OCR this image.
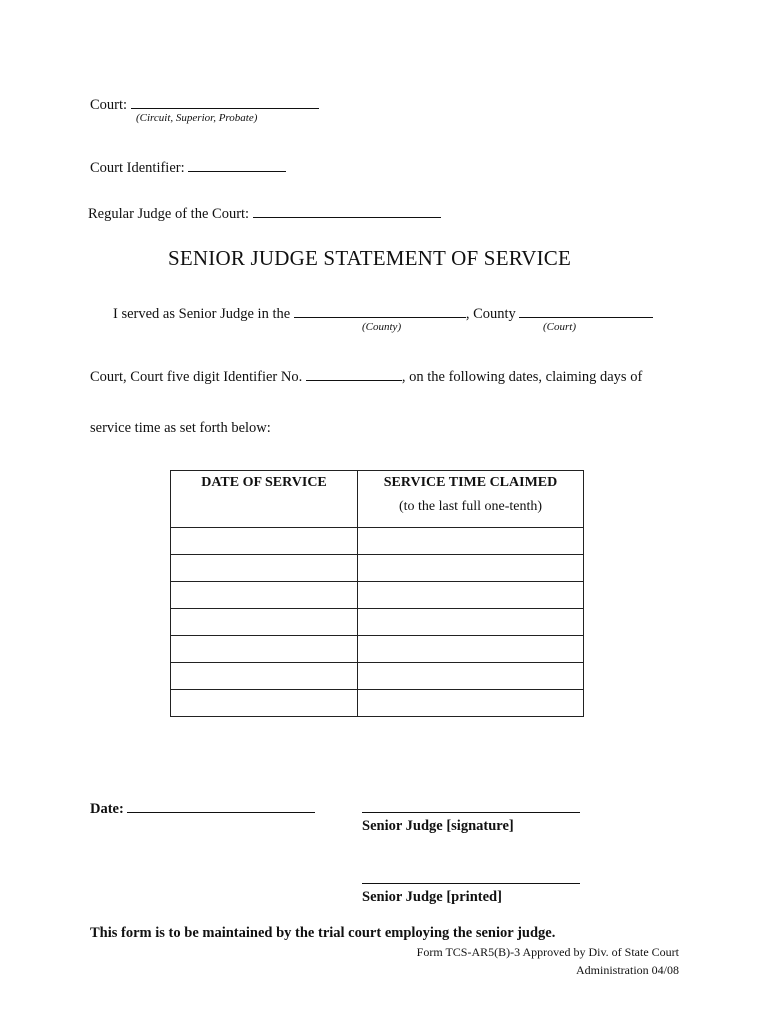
Court:
(Circuit, Superior, Probate)
Court Identifier:
Regular Judge of the Court:
SENIOR JUDGE STATEMENT OF SERVICE
I served as Senior Judge in the	, County
(County)	(Court)
Court, Court five digit Identifier No.	, on the following dates, claiming days of
service time as set forth below:
DATE OF SERVICE	SERVICE TIME CLAIMED
(to the last full one-tenth)

Date:
Senior Judge [signature]
Senior Judge [printed]
This form is to be maintained by the trial court employing the senior judge.
Form TCS-AR5(B)-3 Approved by Div. of State Court
Administration 04/08
